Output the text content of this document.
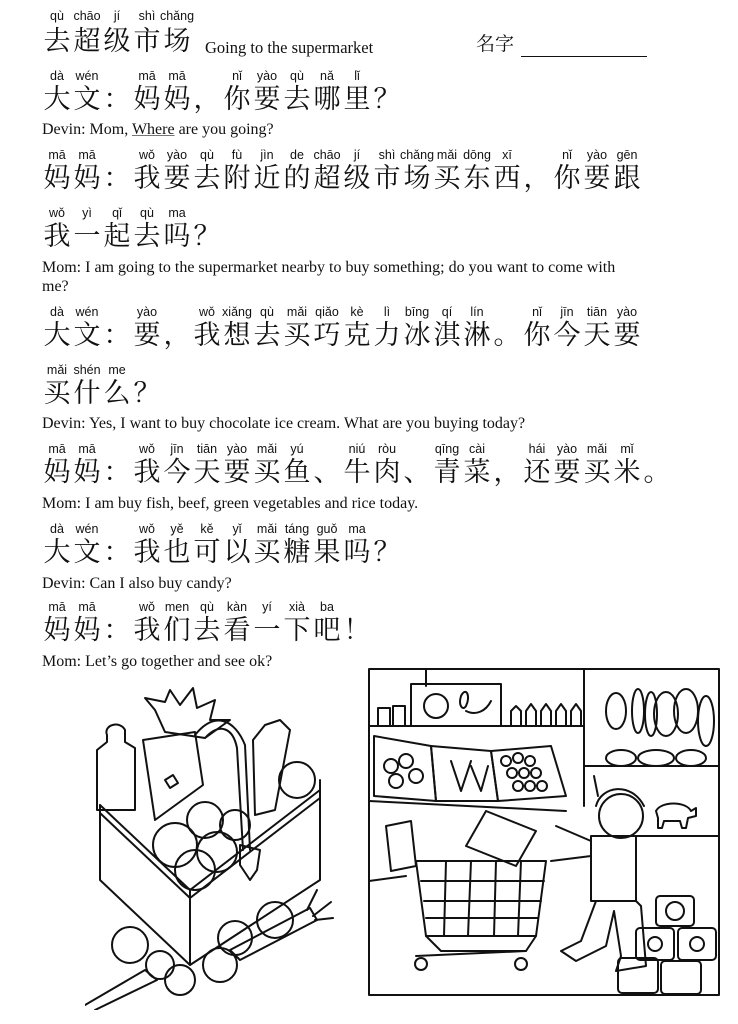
qù chāo jí shì chǎng
去 超 级 市 场 Going to the supermarket	名字
dà wén	mā mā	nǐ yào qù nǎ lǐ
大 文 ： 妈 妈 ， 你 要 去 哪 里 ？
Devin: Mom, Where are you going?
mā mā	wǒ yào qù fù jìn de chāo jí shì chǎng mǎi dōng xī	nǐ yào gēn
妈 妈 ： 我 要 去 附 近 的 超 级 市 场 买 东 西 ， 你 要 跟
wǒ yì qǐ qù ma
我 一 起 去 吗 ？
Mom: I am going to the supermarket nearby to buy something; do you want to come with
me?
dà wén	yào	wǒ xiǎng qù mǎi qiǎo kè lì bīng qí lín	nǐ jīn tiān yào
大 文 ： 要 ， 我 想 去 买 巧 克 力 冰 淇 淋 。 你 今 天 要
mǎi shén me
买 什 么 ？
Devin: Yes, I want to buy chocolate ice cream. What are you buying today?
mā mā	wǒ jīn tiān yào mǎi yú	niú ròu	qīng cài	hái yào mǎi mǐ
妈 妈 ： 我 今 天 要 买 鱼 、 牛 肉 、 青 菜 ， 还 要 买 米 。
Mom: I am buy fish, beef, green vegetables and rice today.
dà wén	wǒ yě kě yǐ mǎi táng guǒ ma
大 文 ： 我 也 可 以 买 糖 果 吗 ？
Devin: Can I also buy candy?
mā mā	wǒ men qù kàn yí xià ba
妈 妈 ： 我 们 去 看 一 下 吧 ！
Mom: Let’s go together and see ok?
